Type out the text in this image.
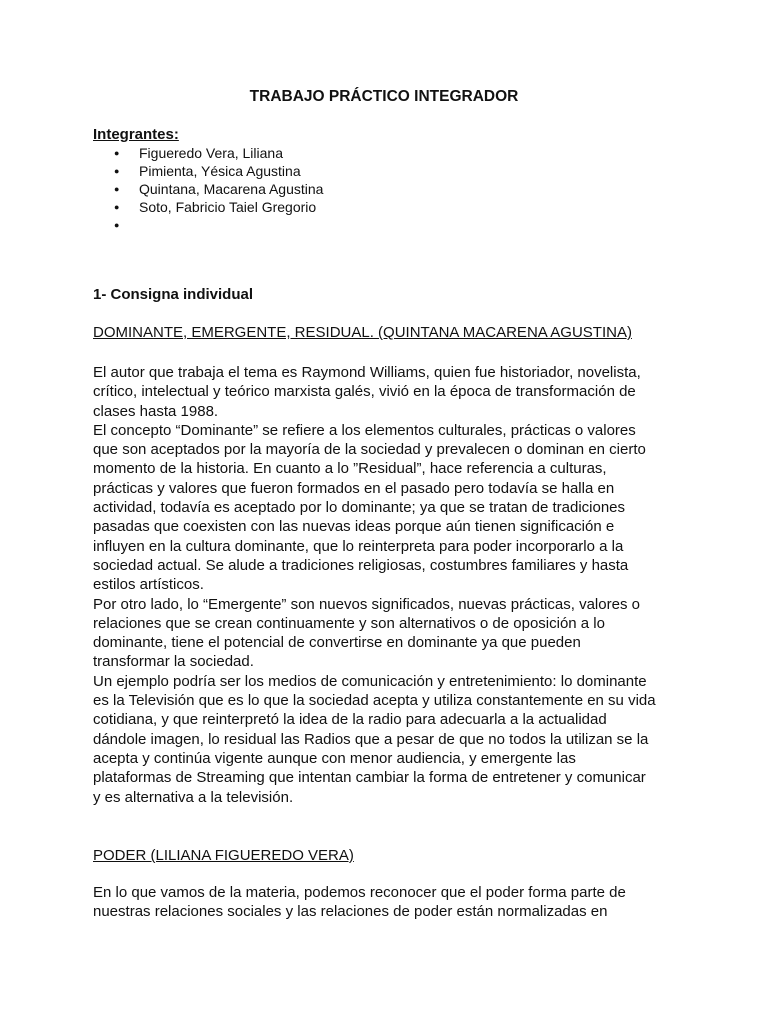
TRABAJO PRÁCTICO INTEGRADOR
Integrantes:
● Figueredo Vera, Liliana
● Pimienta, Yésica Agustina
● Quintana, Macarena Agustina
● Soto, Fabricio Taiel Gregorio
●
1- Consigna individual
DOMINANTE, EMERGENTE, RESIDUAL. (QUINTANA MACARENA AGUSTINA)
El autor que trabaja el tema es Raymond Williams, quien fue historiador, novelista,
crítico, intelectual y teórico marxista galés, vivió en la época de transformación de
clases hasta 1988.
El concepto “Dominante” se refiere a los elementos culturales, prácticas o valores
que son aceptados por la mayoría de la sociedad y prevalecen o dominan en cierto
momento de la historia. En cuanto a lo ”Residual”, hace referencia a culturas,
prácticas y valores que fueron formados en el pasado pero todavía se halla en
actividad, todavía es aceptado por lo dominante; ya que se tratan de tradiciones
pasadas que coexisten con las nuevas ideas porque aún tienen significación e
influyen en la cultura dominante, que lo reinterpreta para poder incorporarlo a la
sociedad actual. Se alude a tradiciones religiosas, costumbres familiares y hasta
estilos artísticos.
Por otro lado, lo “Emergente” son nuevos significados, nuevas prácticas, valores o
relaciones que se crean continuamente y son alternativos o de oposición a lo
dominante, tiene el potencial de convertirse en dominante ya que pueden
transformar la sociedad.
Un ejemplo podría ser los medios de comunicación y entretenimiento: lo dominante
es la Televisión que es lo que la sociedad acepta y utiliza constantemente en su vida
cotidiana, y que reinterpretó la idea de la radio para adecuarla a la actualidad
dándole imagen, lo residual las Radios que a pesar de que no todos la utilizan se la
acepta y continúa vigente aunque con menor audiencia, y emergente las
plataformas de Streaming que intentan cambiar la forma de entretener y comunicar
y es alternativa a la televisión.
PODER (LILIANA FIGUEREDO VERA)
En lo que vamos de la materia, podemos reconocer que el poder forma parte de
nuestras relaciones sociales y las relaciones de poder están normalizadas en
